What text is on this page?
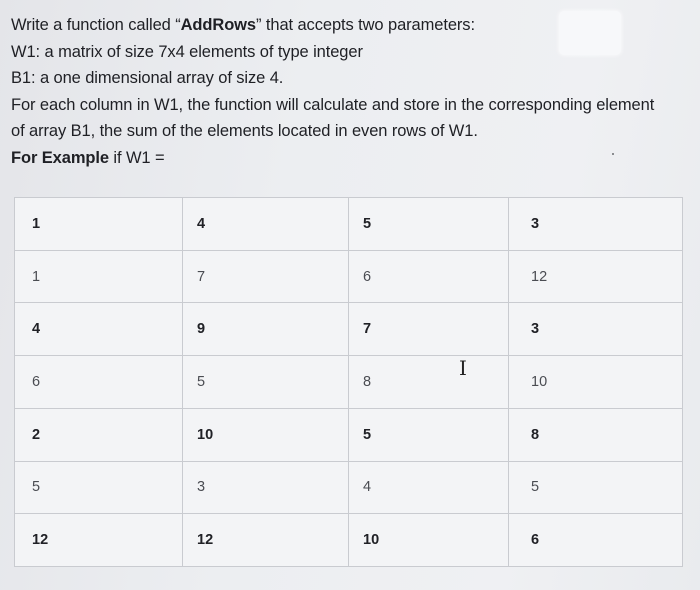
Write a function called “AddRows” that accepts two parameters:
W1: a matrix of size 7x4 elements of type integer
B1: a one dimensional array of size 4.
For each column in W1, the function will calculate and store in the corresponding element
of array B1, the sum of the elements located in even rows of W1.
For Example if W1 =
1	4	5	3
1	7	6	12
4	9	7	3
6	5	8	10
2	10	5	8
5	3	4	5
12	12	10	6
I
